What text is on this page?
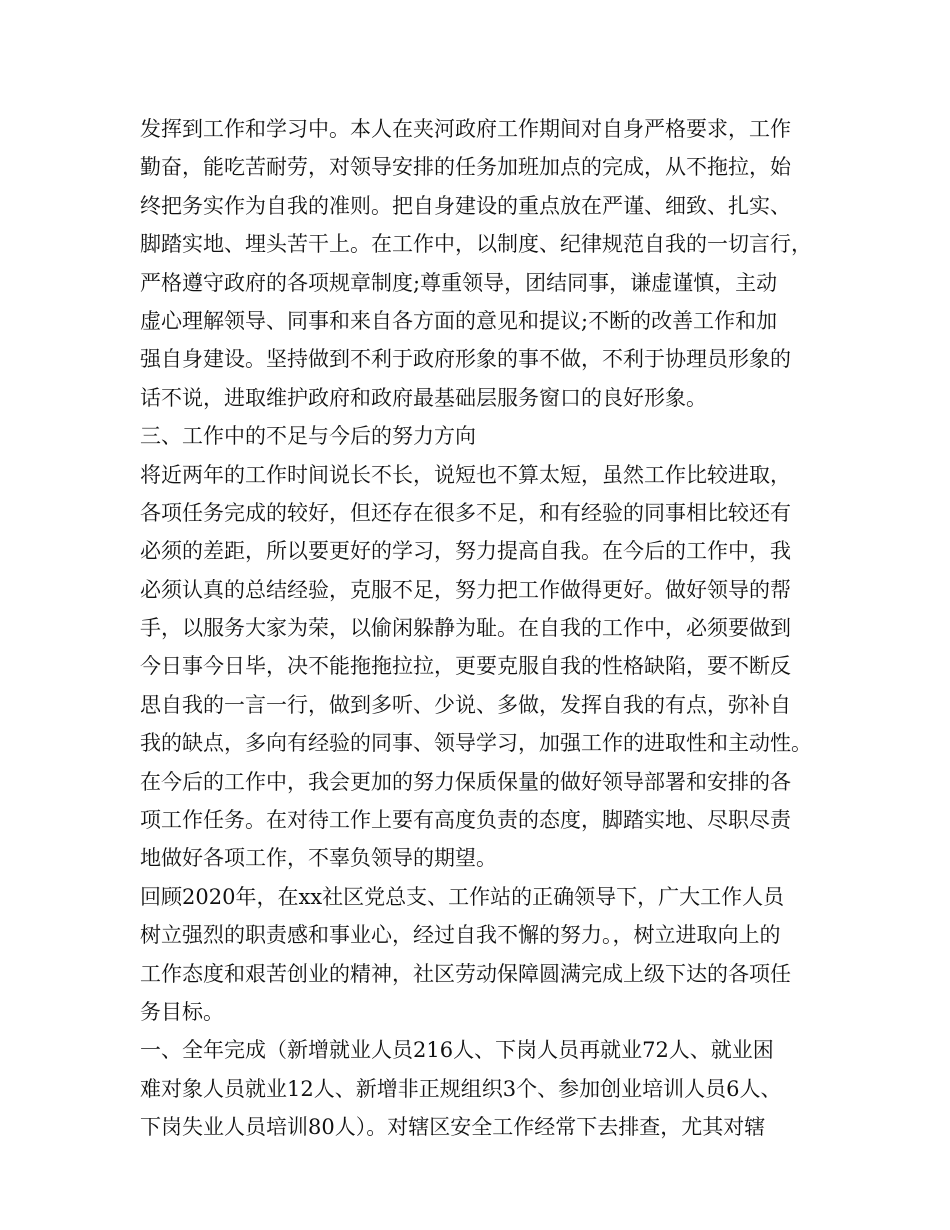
发挥到工作和学习中。本人在夹河政府工作期间对自身严格要求，工作
勤奋，能吃苦耐劳，对领导安排的任务加班加点的完成，从不拖拉，始
终把务实作为自我的准则。把自身建设的重点放在严谨、细致、扎实、
脚踏实地、埋头苦干上。在工作中，以制度、纪律规范自我的一切言行，
严格遵守政府的各项规章制度;尊重领导，团结同事，谦虚谨慎，主动
虚心理解领导、同事和来自各方面的意见和提议;不断的改善工作和加
强自身建设。坚持做到不利于政府形象的事不做，不利于协理员形象的
话不说，进取维护政府和政府最基础层服务窗口的良好形象。
三、工作中的不足与今后的努力方向
将近两年的工作时间说长不长，说短也不算太短，虽然工作比较进取，
各项任务完成的较好，但还存在很多不足，和有经验的同事相比较还有
必须的差距，所以要更好的学习，努力提高自我。在今后的工作中，我
必须认真的总结经验，克服不足，努力把工作做得更好。做好领导的帮
手，以服务大家为荣，以偷闲躲静为耻。在自我的工作中，必须要做到
今日事今日毕，决不能拖拖拉拉，更要克服自我的性格缺陷，要不断反
思自我的一言一行，做到多听、少说、多做，发挥自我的有点，弥补自
我的缺点，多向有经验的同事、领导学习，加强工作的进取性和主动性。
在今后的工作中，我会更加的努力保质保量的做好领导部署和安排的各
项工作任务。在对待工作上要有高度负责的态度，脚踏实地、尽职尽责
地做好各项工作，不辜负领导的期望。
回顾2020年，在xx社区党总支、工作站的正确领导下，广大工作人员
树立强烈的职责感和事业心，经过自我不懈的努力。，树立进取向上的
工作态度和艰苦创业的精神，社区劳动保障圆满完成上级下达的各项任
务目标。
一、全年完成（新增就业人员216人、下岗人员再就业72人、就业困
难对象人员就业12人、新增非正规组织3个、参加创业培训人员6人、
下岗失业人员培训80人）。对辖区安全工作经常下去排查，尤其对辖
